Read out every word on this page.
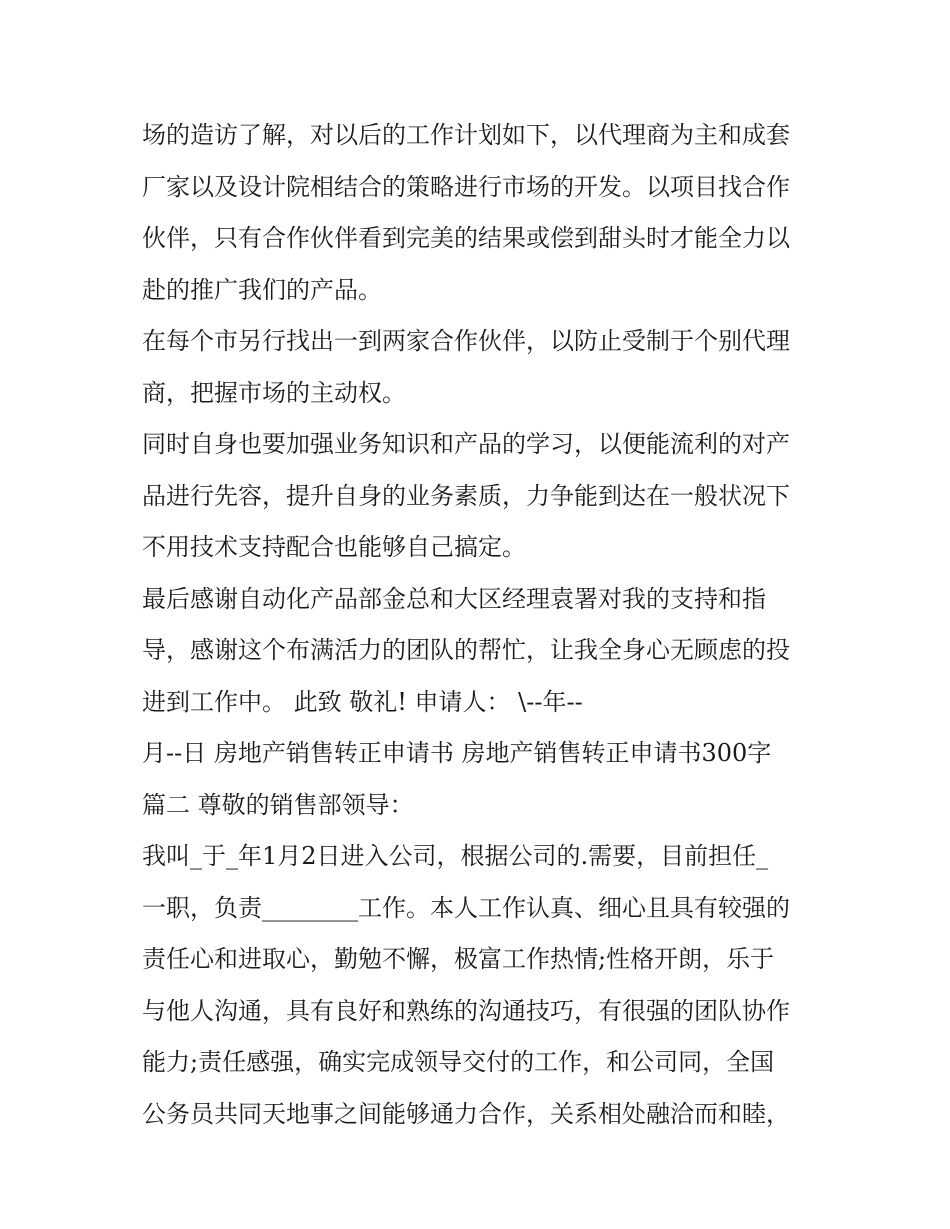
场的造访了解，对以后的工作计划如下，以代理商为主和成套
厂家以及设计院相结合的策略进行市场的开发。以项目找合作
伙伴，只有合作伙伴看到完美的结果或偿到甜头时才能全力以
赴的推广我们的产品。
在每个市另行找出一到两家合作伙伴，以防止受制于个别代理
商，把握市场的主动权。
同时自身也要加强业务知识和产品的学习，以便能流利的对产
品进行先容，提升自身的业务素质，力争能到达在一般状况下
不用技术支持配合也能够自己搞定。
最后感谢自动化产品部金总和大区经理袁署对我的支持和指
导，感谢这个布满活力的团队的帮忙，让我全身心无顾虑的投
进到工作中。 此致 敬礼! 申请人： \--年--
月--日 房地产销售转正申请书 房地产销售转正申请书300字
篇二 尊敬的销售部领导：
我叫_于_年1月2日进入公司，根据公司的.需要，目前担任_
一职，负责________工作。本人工作认真、细心且具有较强的
责任心和进取心，勤勉不懈，极富工作热情;性格开朗，乐于
与他人沟通，具有良好和熟练的沟通技巧，有很强的团队协作
能力;责任感强，确实完成领导交付的工作，和公司同，全国
公务员共同天地事之间能够通力合作，关系相处融洽而和睦，
